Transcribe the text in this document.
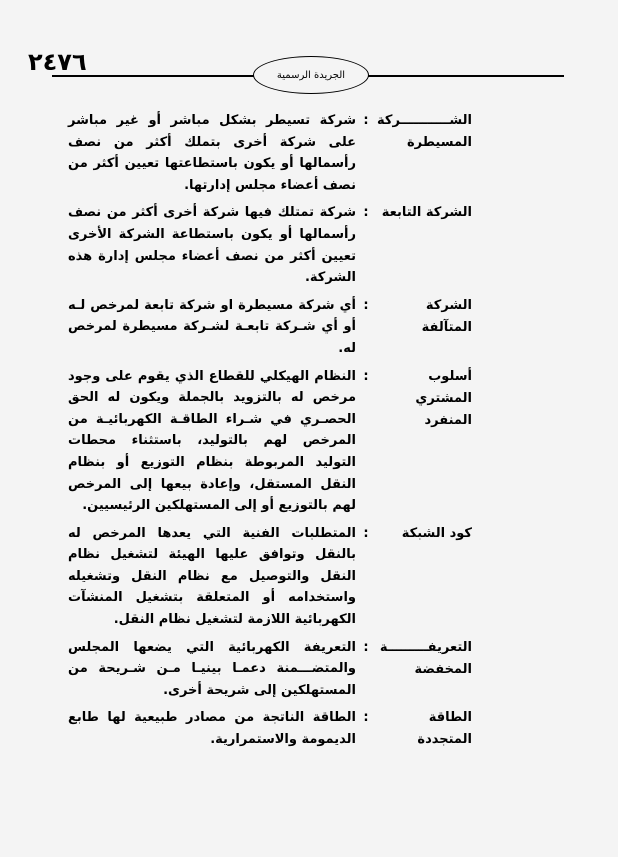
٢٤٧٦	الجريدة الرسمية
الشـــــــــــركة المسيطرة
:
شركة تسيطر بشكل مباشر أو غير مباشر على شركة أخرى بتملك أكثر من نصف رأسمالها أو يكون باستطاعتها تعيين أكثر من نصف أعضاء مجلس إدارتها.
الشركة التابعة
:
شركة تمتلك فيها شركة أخرى أكثر من نصف رأسمالها أو يكون باستطاعة الشركة الأخرى تعيين أكثر من نصف أعضاء مجلس إدارة هذه الشركة.
الشركة المتآلفة
:
أي شركة مسيطرة او شركة تابعة لمرخص لـه أو أي شـركة تابعـة لشـركة مسيطرة لمرخص له.
أسلوب المشتري المنفرد
:
النظام الهيكلي للقطاع الذي يقوم على وجود مرخص له بالتزويد بالجملة ويكون له الحق الحصـري في شـراء الطاقـة الكهربائيـة من المرخص لهم بالتوليد، باستثناء محطات التوليد المربوطة بنظام التوزيع أو بنظام النقل المستقل، وإعادة بيعها إلى المرخص لهم بالتوزيع أو إلى المستهلكين الرئيسيين.
كود الشبكة
:
المتطلبات الفنية التي يعدها المرخص له بالنقل وتوافق عليها الهيئة لتشغيل نظام النقل والتوصيل مع نظام النقل وتشغيله واستخدامه أو المتعلقة بتشغيل المنشآت الكهربائية اللازمة لتشغيل نظام النقل.
التعريفـــــــــة المخفضة
:
التعريفة الكهربائية التي يضعها المجلس والمتضـــمنة دعمـا بينيـا مـن شـريحة من المستهلكين إلى شريحة أخرى.
الطاقة المتجددة
:
الطاقة الناتجة من مصادر طبيعية لها طابع الديمومة والاستمرارية.
